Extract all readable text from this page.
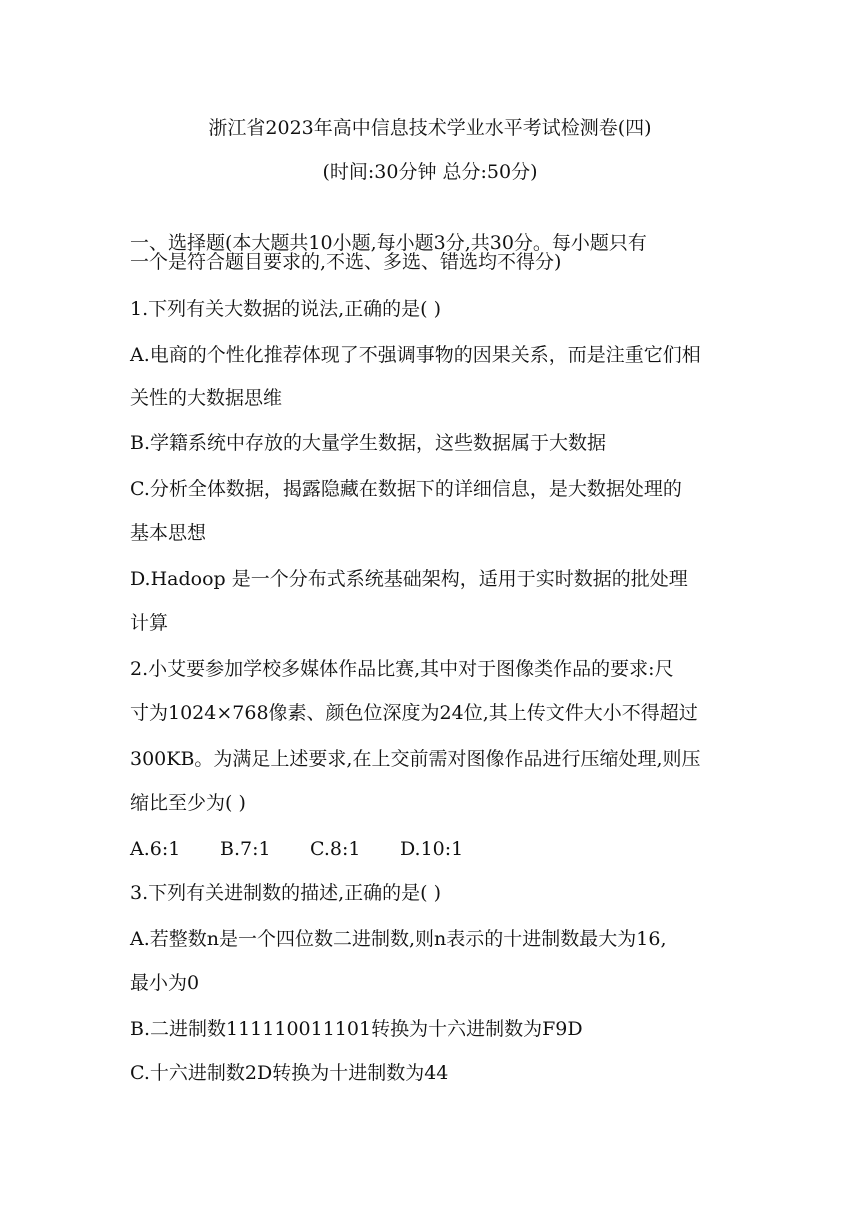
浙江省2023年高中信息技术学业水平考试检测卷(四)
(时间:30分钟 总分:50分)
一、选择题(本大题共10小题,每小题3分,共30分。每小题只有
一个是符合题目要求的,不选、多选、错选均不得分)
1.下列有关大数据的说法,正确的是( )
A.电商的个性化推荐体现了不强调事物的因果关系，而是注重它们相
关性的大数据思维
B.学籍系统中存放的大量学生数据，这些数据属于大数据
C.分析全体数据，揭露隐藏在数据下的详细信息，是大数据处理的
基本思想
D.Hadoop 是一个分布式系统基础架构，适用于实时数据的批处理
计算
2.小艾要参加学校多媒体作品比赛,其中对于图像类作品的要求:尺
寸为1024×768像素、颜色位深度为24位,其上传文件大小不得超过
300KB。为满足上述要求,在上交前需对图像作品进行压缩处理,则压
缩比至少为( )
A.6:1 B.7:1 C.8:1 D.10:1
3.下列有关进制数的描述,正确的是( )
A.若整数n是一个四位数二进制数,则n表示的十进制数最大为16,
最小为0
B.二进制数111110011101转换为十六进制数为F9D
C.十六进制数2D转换为十进制数为44
